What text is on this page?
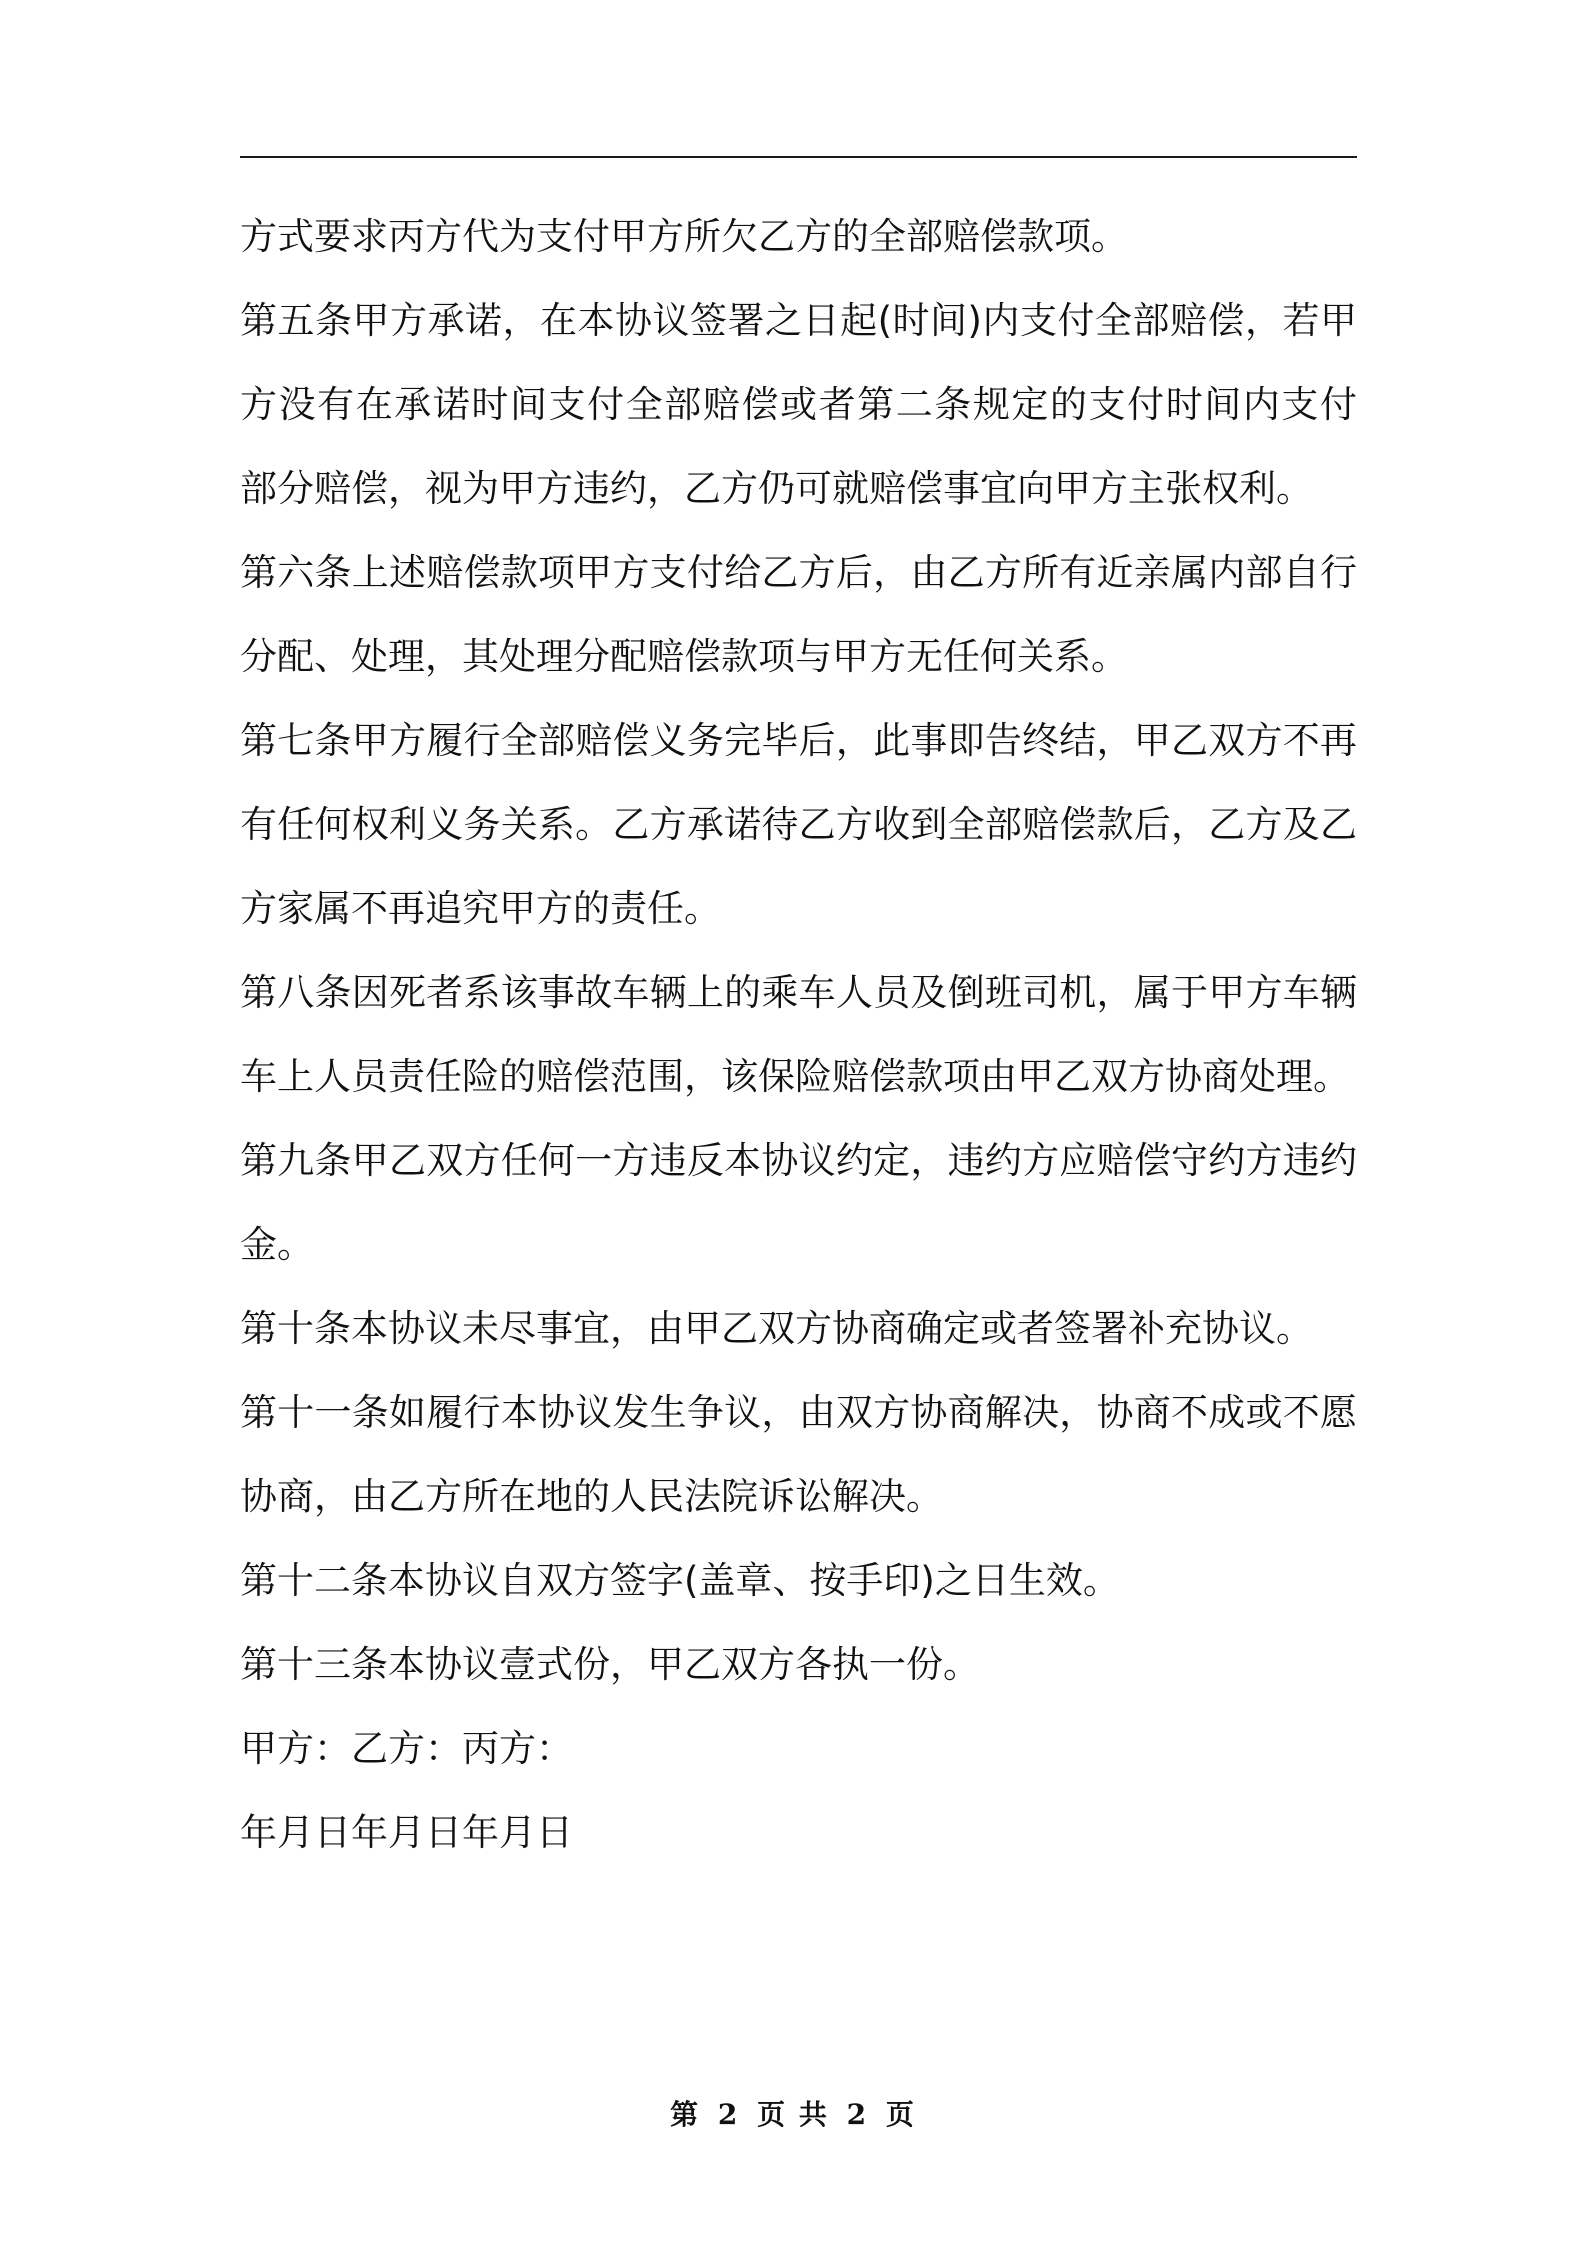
方式要求丙方代为支付甲方所欠乙方的全部赔偿款项。
第五条甲方承诺，在本协议签署之日起(时间)内支付全部赔偿，若甲
方没有在承诺时间支付全部赔偿或者第二条规定的支付时间内支付
部分赔偿，视为甲方违约，乙方仍可就赔偿事宜向甲方主张权利。
第六条上述赔偿款项甲方支付给乙方后，由乙方所有近亲属内部自行
分配、处理，其处理分配赔偿款项与甲方无任何关系。
第七条甲方履行全部赔偿义务完毕后，此事即告终结，甲乙双方不再
有任何权利义务关系。乙方承诺待乙方收到全部赔偿款后，乙方及乙
方家属不再追究甲方的责任。
第八条因死者系该事故车辆上的乘车人员及倒班司机，属于甲方车辆
车上人员责任险的赔偿范围，该保险赔偿款项由甲乙双方协商处理。
第九条甲乙双方任何一方违反本协议约定，违约方应赔偿守约方违约
金。
第十条本协议未尽事宜，由甲乙双方协商确定或者签署补充协议。
第十一条如履行本协议发生争议，由双方协商解决，协商不成或不愿
协商，由乙方所在地的人民法院诉讼解决。
第十二条本协议自双方签字(盖章、按手印)之日生效。
第十三条本协议壹式份，甲乙双方各执一份。
甲方：乙方：丙方：
年月日年月日年月日
第 2 页 共 2 页
